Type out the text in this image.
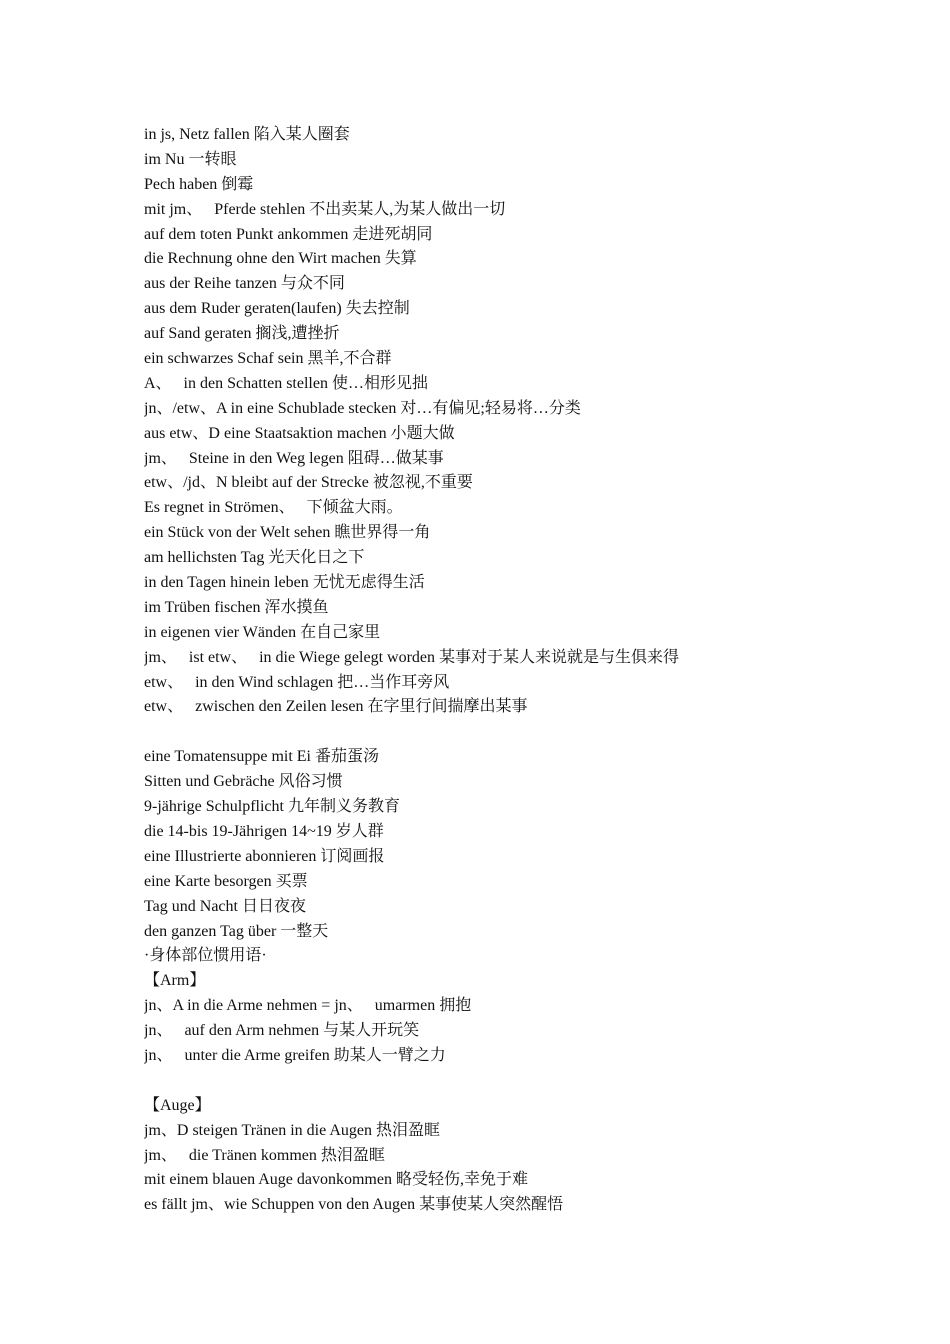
in js, Netz fallen 陷入某人圈套
im Nu 一转眼
Pech haben 倒霉
mit jm、   Pferde stehlen 不出卖某人,为某人做出一切
auf dem toten Punkt ankommen 走进死胡同
die Rechnung ohne den Wirt machen 失算
aus der Reihe tanzen 与众不同
aus dem Ruder geraten(laufen) 失去控制
auf Sand geraten 搁浅,遭挫折
ein schwarzes Schaf sein 黑羊,不合群
A、   in den Schatten stellen 使…相形见拙
jn、/etw、A in eine Schublade stecken 对…有偏见;轻易将…分类
aus etw、D eine Staatsaktion machen 小题大做
jm、   Steine in den Weg legen 阻碍…做某事
etw、/jd、N bleibt auf der Strecke 被忽视,不重要
Es regnet in Strömen、   下倾盆大雨。
ein Stück von der Welt sehen 瞧世界得一角
am hellichsten Tag 光天化日之下
in den Tagen hinein leben 无忧无虑得生活
im Trüben fischen 浑水摸鱼
in eigenen vier Wänden 在自己家里
jm、   ist etw、   in die Wiege gelegt worden 某事对于某人来说就是与生俱来得
etw、   in den Wind schlagen 把…当作耳旁风
etw、   zwischen den Zeilen lesen 在字里行间揣摩出某事
eine Tomatensuppe mit Ei 番茄蛋汤
Sitten und Gebräche 风俗习惯
9-jährige Schulpflicht 九年制义务教育
die 14-bis 19-Jährigen 14~19 岁人群
eine Illustrierte abonnieren 订阅画报
eine Karte besorgen 买票
Tag und Nacht 日日夜夜
den ganzen Tag über 一整天
·身体部位惯用语·
【Arm】
jn、A in die Arme nehmen = jn、   umarmen 拥抱
jn、   auf den Arm nehmen 与某人开玩笑
jn、   unter die Arme greifen 助某人一臂之力
【Auge】
jm、D steigen Tränen in die Augen 热泪盈眶
jm、   die Tränen kommen 热泪盈眶
mit einem blauen Auge davonkommen 略受轻伤,幸免于难
es fällt jm、wie Schuppen von den Augen 某事使某人突然醒悟
